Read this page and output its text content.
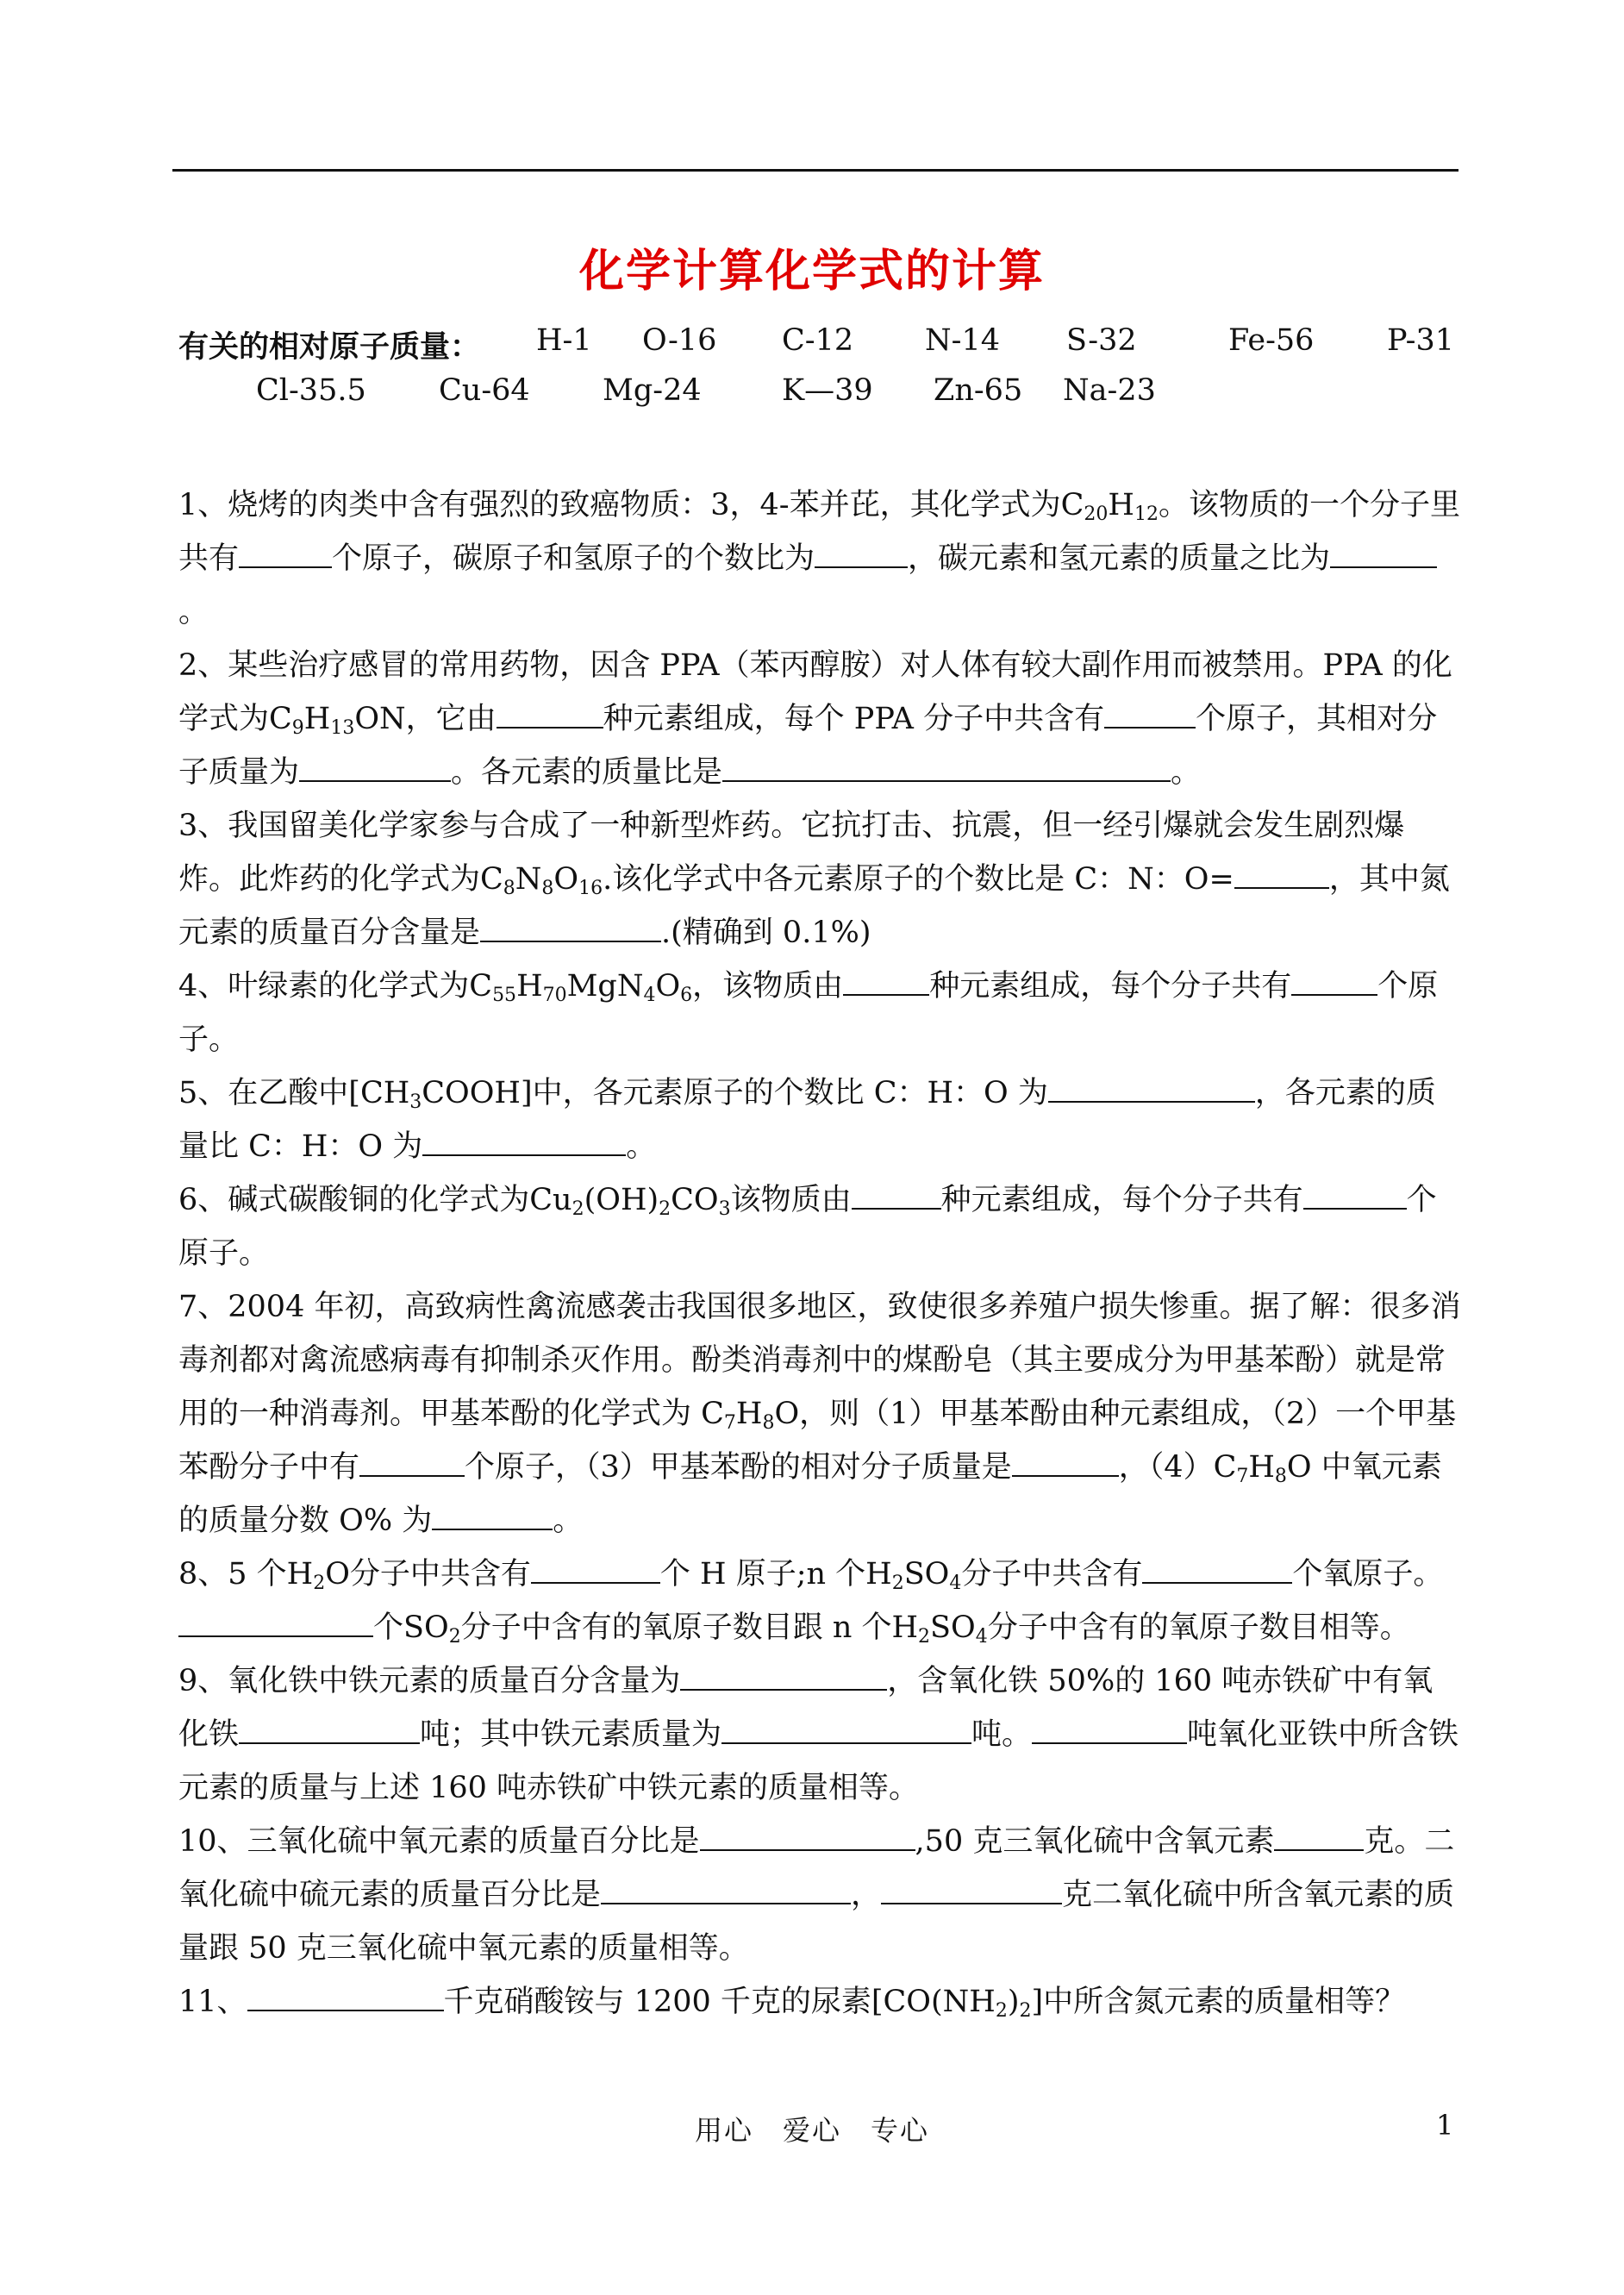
化学计算化学式的计算
有关的相对原子质量： H-1 O-16 C-12 N-14 S-32	Fe-56 P-31
Cl-35.5 Cu-64 Mg-24	K—39 Zn-65 Na-23

1、烧烤的肉类中含有强烈的致癌物质：3，4-苯并芘，其化学式为$C_{20}H_{12}$。该物质的一个分子里共有	个原子，碳原子和氢原子的个数比为	，碳元素和氢元素的质量之比为。

2、某些治疗感冒的常用药物，因含 PPA（苯丙醇胺）对人体有较大副作用而被禁用。PPA 的化学式为$C_9H_{13}ON$，它由	种元素组成，每个 PPA 分子中共含有	个原子，其相对分子质量为	。各元素的质量比是	。

3、我国留美化学家参与合成了一种新型炸药。它抗打击、抗震，但一经引爆就会发生剧烈爆炸。此炸药的化学式为$C_8N_8O_{16}$.该化学式中各元素原子的个数比是 C：N：O=	，其中氮元素的质量百分含量是	.(精确到 0.1%)

4、叶绿素的化学式为$C_{55}H_{70}MgN_4O_6$，该物质由	种元素组成，每个分子共有	个原子。

5、在乙酸中$[CH_3COOH]$中，各元素原子的个数比 C：H：O 为	，各元素的质量比 C：H：O 为	。

6、碱式碳酸铜的化学式为$Cu_2(OH)_2CO_3$该物质由	种元素组成，每个分子共有	个原子。

7、2004 年初，高致病性禽流感袭击我国很多地区，致使很多养殖户损失惨重。据了解：很多消毒剂都对禽流感病毒有抑制杀灭作用。酚类消毒剂中的煤酚皂（其主要成分为甲基苯酚）就是常用的一种消毒剂。甲基苯酚的化学式为 $C_7H_8O$，则（1）甲基苯酚由种元素组成，（2）一个甲基苯酚分子中有	个原子，（3）甲基苯酚的相对分子质量是	，$(4)C_7H_8O$ 中氧元素的质量分数 O% 为	。

8、5 个$H_2O$分子中共含有	个 H 原子;n 个$H_2SO_4$分子中共含有	个氧原子。个$SO_2$分子中含有的氧原子数目跟 n 个$H_2SO_4$分子中含有的氧原子数目相等。

9、氧化铁中铁元素的质量百分含量为	，含氧化铁 50%的 160 吨赤铁矿中有氧化铁	吨；其中铁元素质量为	吨。	吨氧化亚铁中所含铁元素的质量与上述 160 吨赤铁矿中铁元素的质量相等。

10、三氧化硫中氧元素的质量百分比是	,50 克三氧化硫中含氧元素	克。二氧化硫中硫元素的质量百分比是	，	克二氧化硫中所含氧元素的质量跟 50 克三氧化硫中氧元素的质量相等。

11、	千克硝酸铵与 1200 千克的尿素$[CO(NH_2)_2]$中所含氮元素的质量相等？

用心　爱心　专心	1
